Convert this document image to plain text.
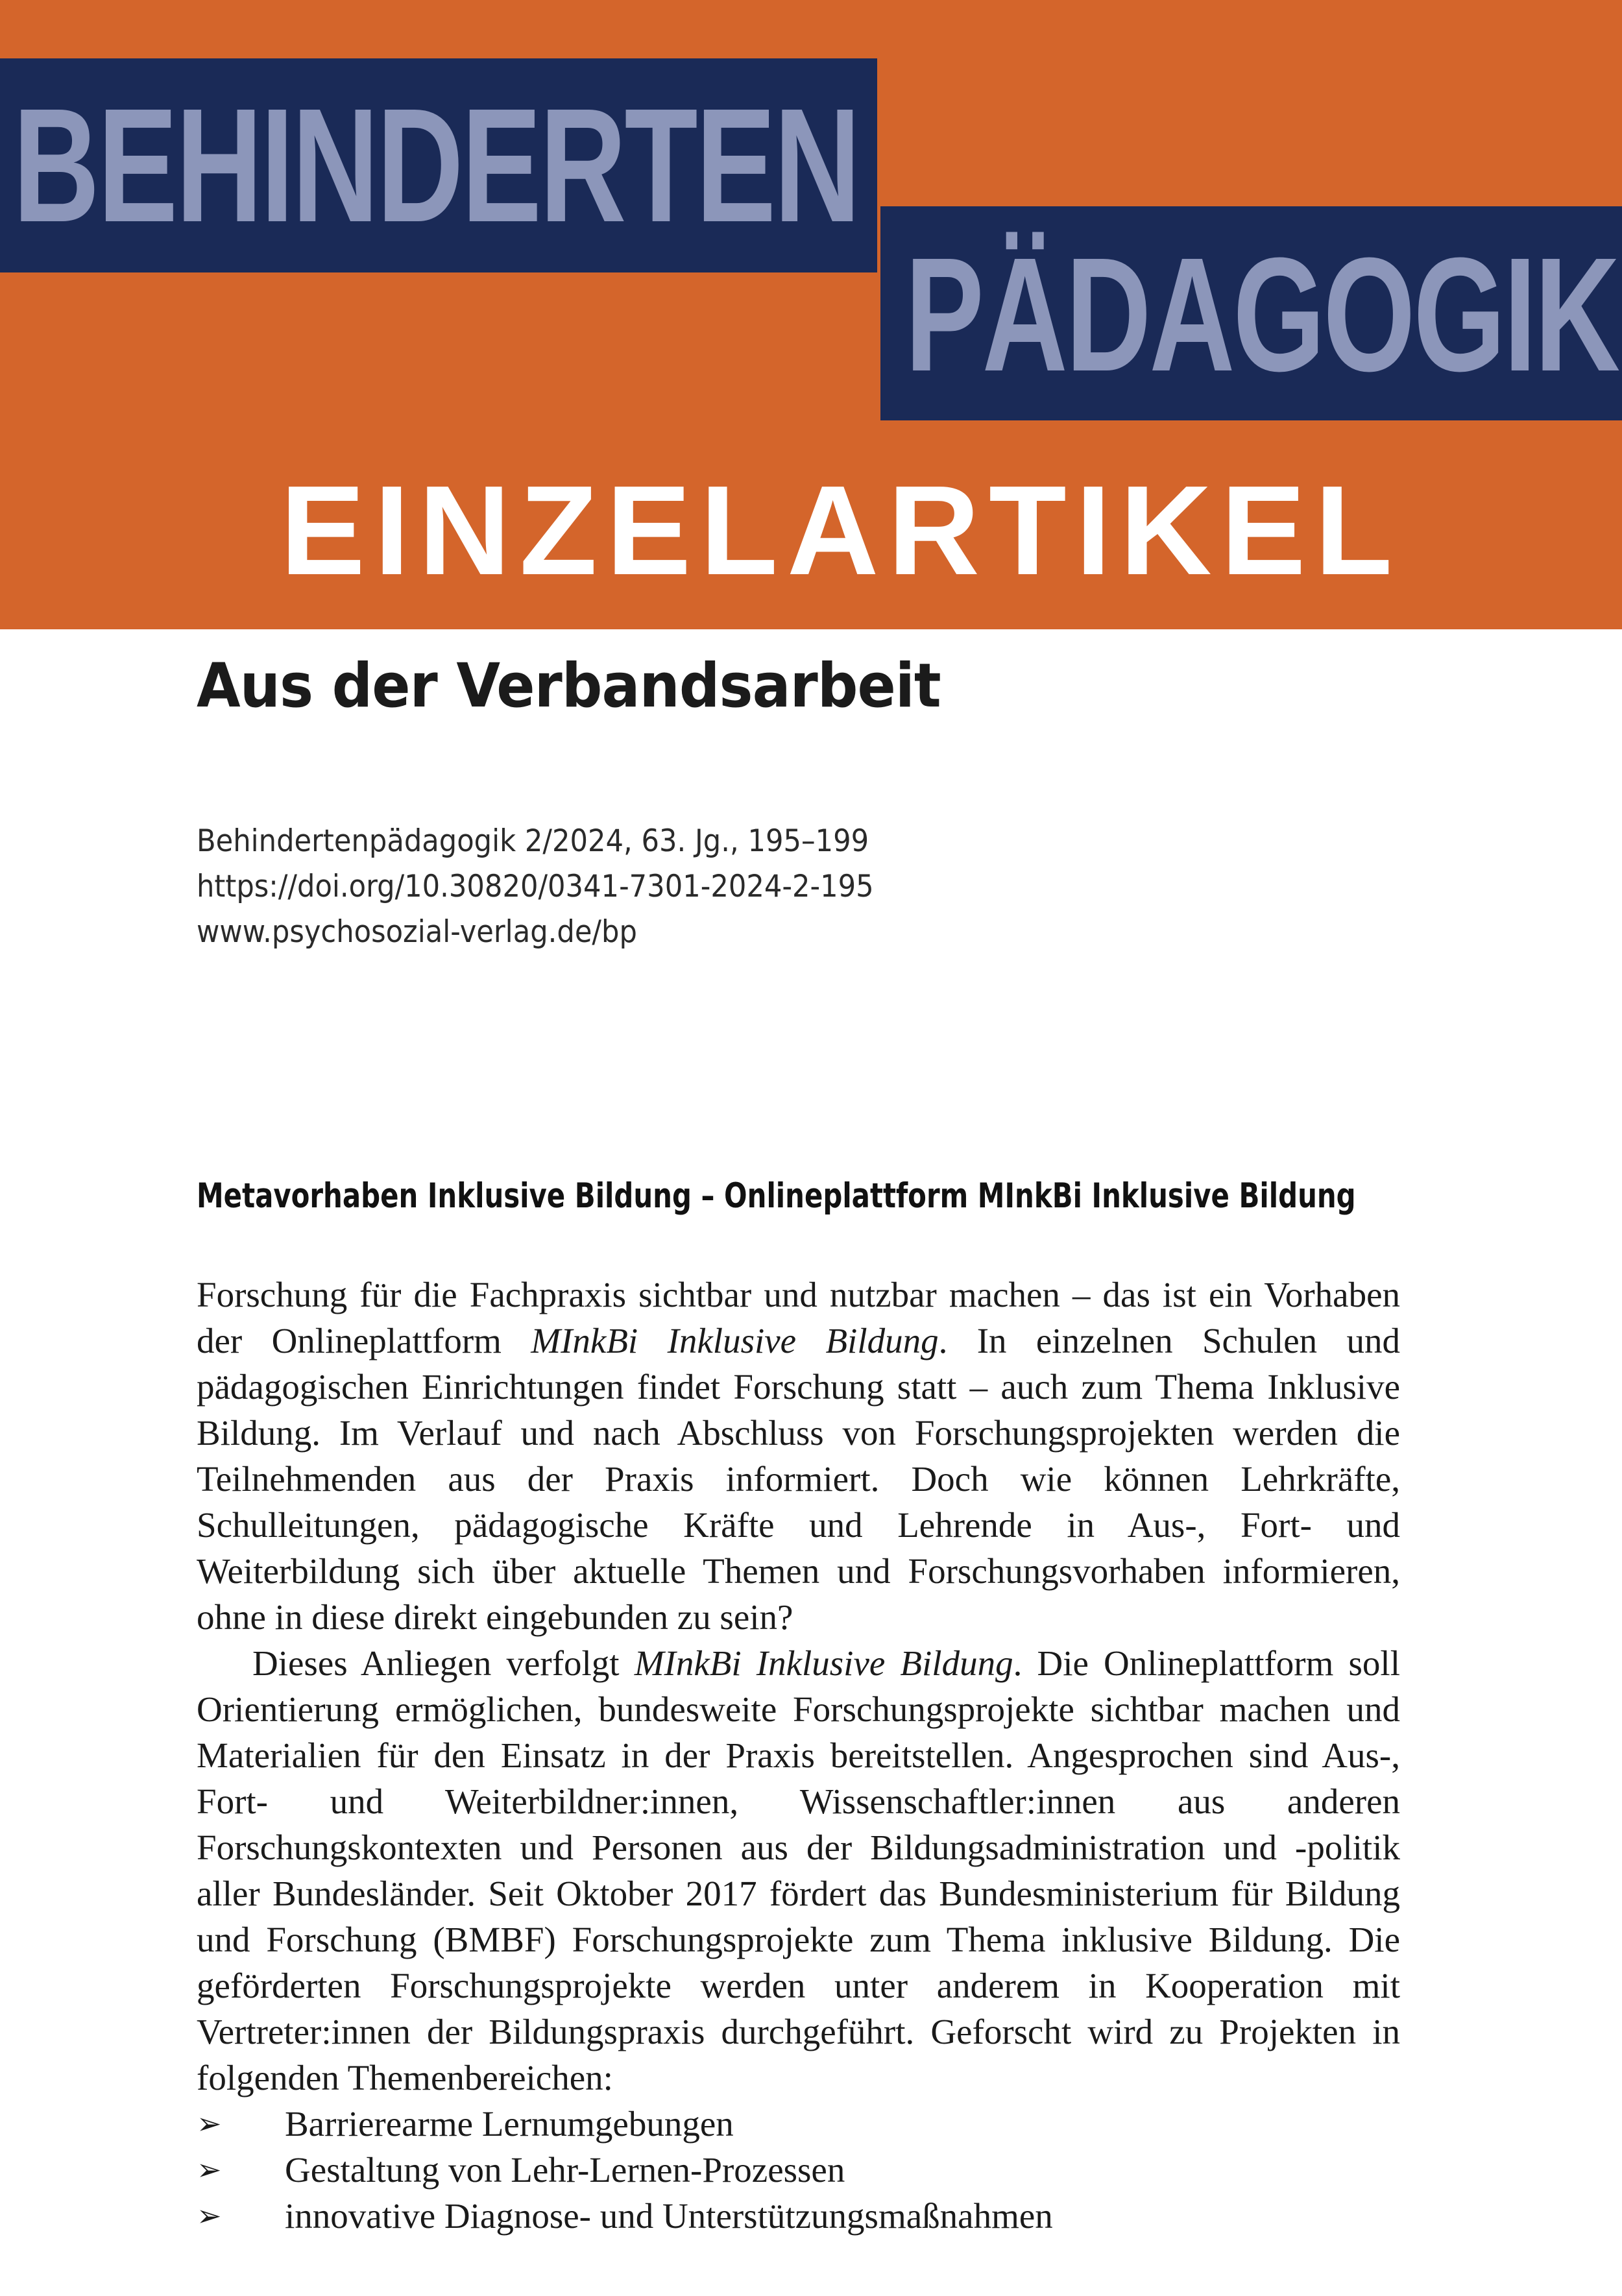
BEHINDERTEN
PÄDAGOGIK
EINZELARTIKEL
Aus der Verbandsarbeit
Behindertenpädagogik 2/2024, 63. Jg., 195–199
https://doi.org/10.30820/0341-7301-2024-2-195
www.psychosozial-verlag.de/bp
Metavorhaben Inklusive Bildung – Onlineplattform MInkBi Inklusive Bildung

Forschung für die Fachpraxis sichtbar und nutzbar machen – das ist ein Vorhaben der Onlineplattform MInkBi Inklusive Bildung. In einzelnen Schulen und pädagogischen Einrichtungen findet Forschung statt – auch zum Thema Inklusive Bildung. Im Verlauf und nach Abschluss von Forschungsprojekten werden die Teilnehmenden aus der Praxis informiert. Doch wie können Lehrkräfte, Schulleitungen, pädagogische Kräfte und Lehrende in Aus-, Fort- und Weiterbildung sich über aktuelle Themen und Forschungsvorhaben informieren, ohne in diese direkt eingebunden zu sein?

Dieses Anliegen verfolgt MInkBi Inklusive Bildung. Die Onlineplattform soll Orientierung ermöglichen, bundesweite Forschungsprojekte sichtbar machen und Materialien für den Einsatz in der Praxis bereitstellen. Angesprochen sind Aus-, Fort- und Weiterbildner:innen, Wissenschaftler:innen aus anderen Forschungskontexten und Personen aus der Bildungsadministration und -politik aller Bundesländer. Seit Oktober 2017 fördert das Bundesministerium für Bildung und Forschung (BMBF) Forschungsprojekte zum Thema inklusive Bildung. Die geförderten Forschungsprojekte werden unter anderem in Kooperation mit Vertreter:innen der Bildungspraxis durchgeführt. Geforscht wird zu Projekten in folgenden Themenbereichen:

➢ Barrierearme Lernumgebungen
➢ Gestaltung von Lehr-Lernen-Prozessen
➢ innovative Diagnose- und Unterstützungsmaßnahmen
